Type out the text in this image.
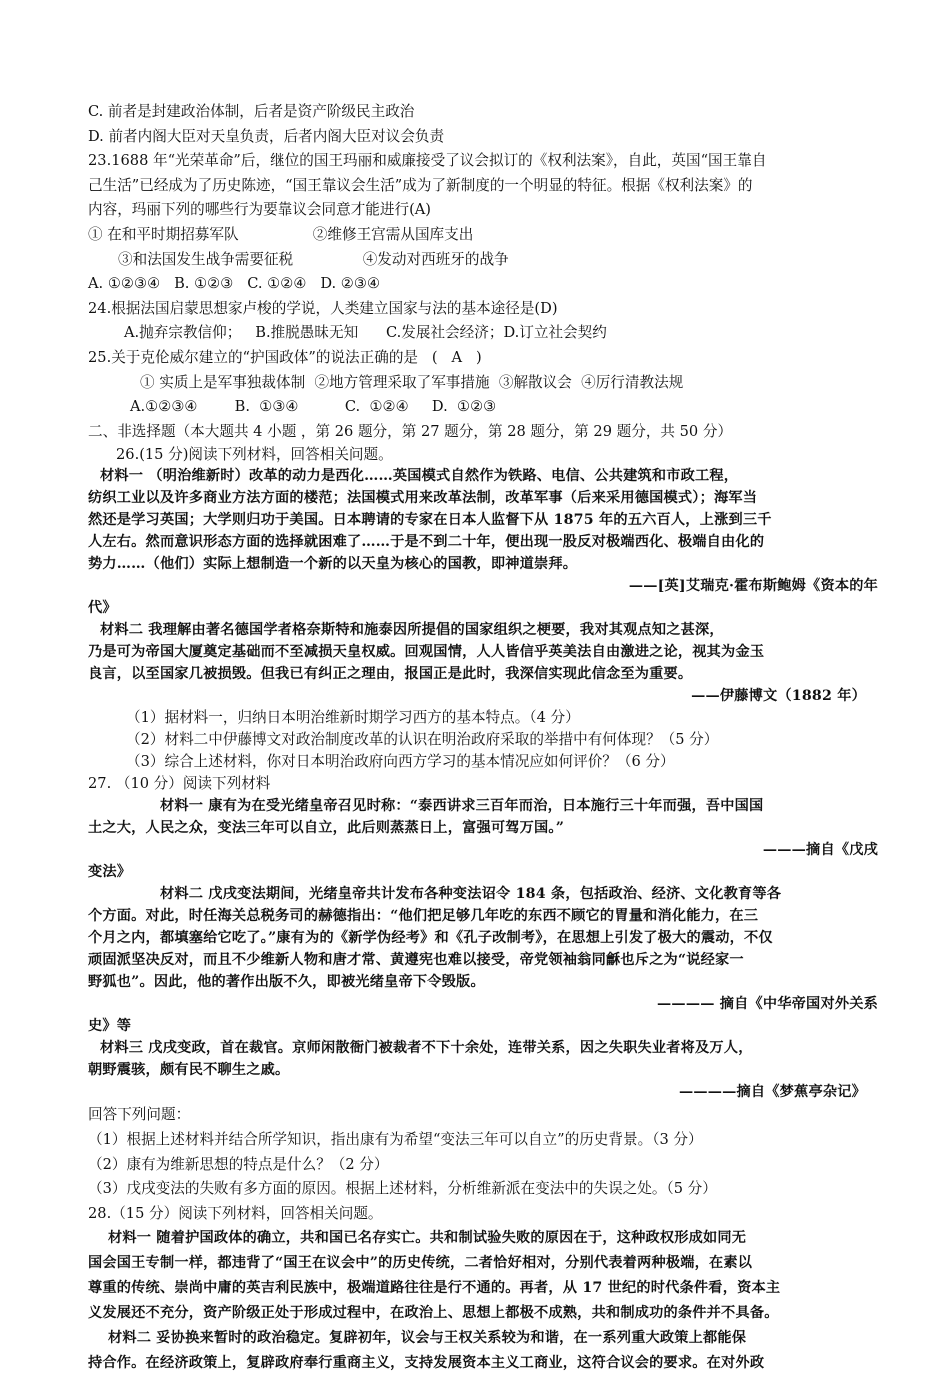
C. 前者是封建政治体制，后者是资产阶级民主政治
D. 前者内阁大臣对天皇负责，后者内阁大臣对议会负责
23.1688 年“光荣革命”后，继位的国王玛丽和威廉接受了议会拟订的《权利法案》，自此，英国“国王靠自
己生活”已经成为了历史陈迹，“国王靠议会生活”成为了新制度的一个明显的特征。根据《权利法案》的
内容，玛丽下列的哪些行为要靠议会同意才能进行(A)
① 在和平时期招募军队                ②维修王宫需从国库支出
③和法国发生战争需要征税               ④发动对西班牙的战争
A. ①②③④   B. ①②③   C. ①②④   D. ②③④
24.根据法国启蒙思想家卢梭的学说，人类建立国家与法的基本途径是(D)
A.抛弃宗教信仰；   B.推脱愚昧无知      C.发展社会经济；D.订立社会契约
25.关于克伦威尔建立的“护国政体”的说法正确的是   (   A   )
① 实质上是军事独裁体制  ②地方管理采取了军事措施  ③解散议会  ④厉行清教法规
A.①②③④        B.  ①③④          C.  ①②④     D.  ①②③
二、非选择题（本大题共 4 小题 ，第 26 题分，第 27 题分，第 28 题分，第 29 题分，共 50 分）
26.(15 分)阅读下列材料，回答相关问题。
材料一 （明治维新时）改革的动力是西化……英国模式自然作为铁路、电信、公共建筑和市政工程，
纺织工业以及许多商业方法方面的楼范；法国模式用来改革法制，改革军事（后来采用德国模式）；海军当
然还是学习英国；大学则归功于美国。日本聘请的专家在日本人监督下从 1875 年的五六百人，上涨到三千
人左右。然而意识形态方面的选择就困难了……于是不到二十年，便出现一股反对极端西化、极端自由化的
势力……（他们）实际上想制造一个新的以天皇为核心的国教，即神道崇拜。
——[英]艾瑞克·霍布斯鲍姆《资本的年
代》
材料二 我理解由著名德国学者格奈斯特和施泰因所提倡的国家组织之梗要，我对其观点知之甚深，
乃是可为帝国大厦奠定基础而不至减损天皇权威。回观国情，人人皆信乎英美法自由激进之论，视其为金玉
良言，以至国家几被损毁。但我已有纠正之理由，报国正是此时，我深信实现此信念至为重要。
——伊藤博文（1882 年）
（1）据材料一，归纳日本明治维新时期学习西方的基本特点。（4 分）
（2）材料二中伊藤博文对政治制度改革的认识在明治政府采取的举措中有何体现？（5 分）
（3）综合上述材料，你对日本明治政府向西方学习的基本情况应如何评价？（6 分）
27. （10 分）阅读下列材料
材料一 康有为在受光绪皇帝召见时称：“泰西讲求三百年而治，日本施行三十年而强，吾中国国
土之大，人民之众，变法三年可以自立，此后则蒸蒸日上，富强可驾万国。”
———摘自《戊戌
变法》
材料二 戊戌变法期间，光绪皇帝共计发布各种变法诏令 184 条，包括政治、经济、文化教育等各
个方面。对此，时任海关总税务司的赫德指出：“他们把足够几年吃的东西不顾它的胃量和消化能力，在三
个月之内，都填塞给它吃了。”康有为的《新学伪经考》和《孔子改制考》，在思想上引发了极大的震动，不仅
顽固派坚决反对，而且不少维新人物和唐才常、黄遵宪也难以接受，帝党领袖翁同龢也斥之为“说经家一
野狐也”。因此，他的著作出版不久，即被光绪皇帝下令毁版。
———— 摘自《中华帝国对外关系
史》等
材料三 戊戌变政，首在裁官。京师闲散衙门被裁者不下十余处，连带关系，因之失职失业者将及万人，
朝野震骇，颇有民不聊生之戚。
————摘自《梦蕉亭杂记》
回答下列问题：
（1）根据上述材料并结合所学知识，指出康有为希望“变法三年可以自立”的历史背景。（3 分）
（2）康有为维新思想的特点是什么？（2 分）
（3）戊戌变法的失败有多方面的原因。根据上述材料，分析维新派在变法中的失误之处。（5 分）
28.（15 分）阅读下列材料，回答相关问题。
材料一 随着护国政体的确立，共和国已名存实亡。共和制试验失败的原因在于，这种政权形成如同无
国会国王专制一样，都违背了“国王在议会中”的历史传统，二者恰好相对，分别代表着两种极端，在素以
尊重的传统、崇尚中庸的英吉利民族中，极端道路往往是行不通的。再者，从 17 世纪的时代条件看，资本主
义发展还不充分，资产阶级正处于形成过程中，在政治上、思想上都极不成熟，共和制成功的条件并不具备。
材料二 妥协换来暂时的政治稳定。复辟初年，议会与王权关系较为和谐，在一系列重大政策上都能保
持合作。在经济政策上，复辟政府奉行重商主义，支持发展资本主义工商业，这符合议会的要求。在对外政
